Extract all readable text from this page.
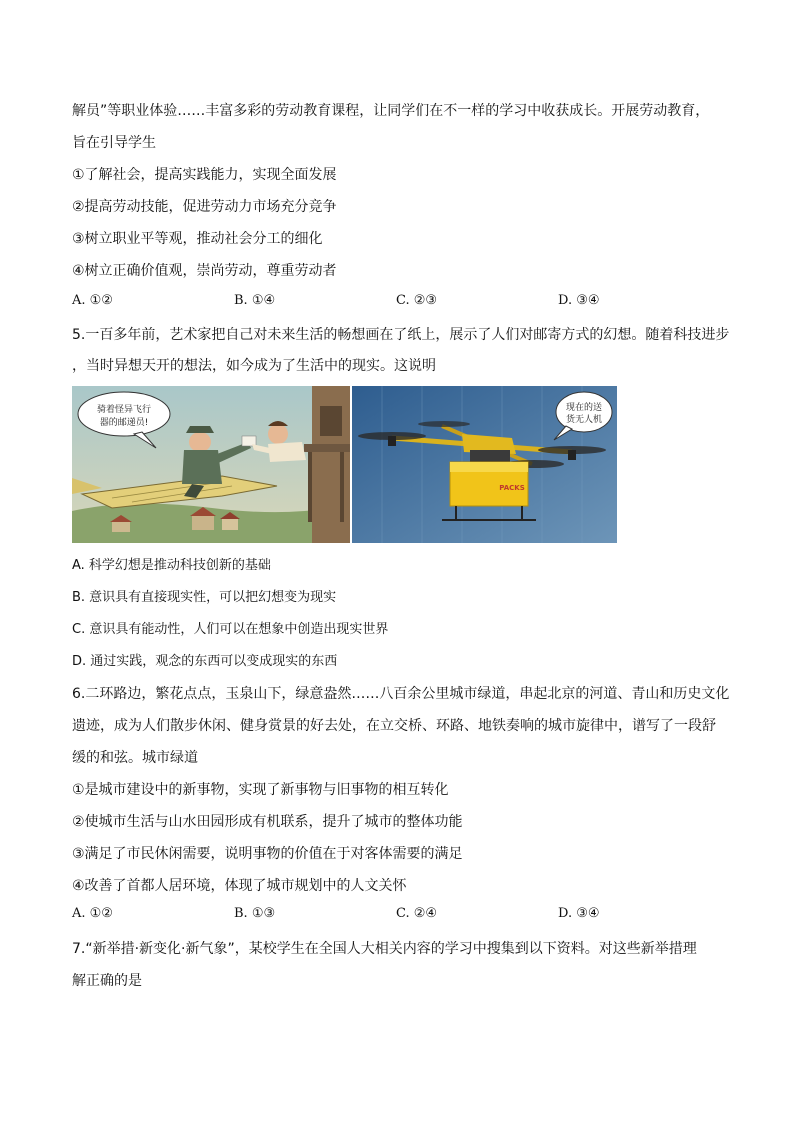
解员”等职业体验……丰富多彩的劳动教育课程，让同学们在不一样的学习中收获成长。开展劳动教育，
旨在引导学生
①了解社会，提高实践能力，实现全面发展
②提高劳动技能，促进劳动力市场充分竞争
③树立职业平等观，推动社会分工的细化
④树立正确价值观，崇尚劳动，尊重劳动者
A. ①②	B. ①④	C. ②③	D. ③④
5.一百多年前，艺术家把自己对未来生活的畅想画在了纸上，展示了人们对邮寄方式的幻想。随着科技进步
，当时异想天开的想法，如今成为了生活中的现实。这说明
骑着怪异飞行
器的邮递员!
PACKS
现在的送
货无人机
A. 科学幻想是推动科技创新的基础
B. 意识具有直接现实性，可以把幻想变为现实
C. 意识具有能动性，人们可以在想象中创造出现实世界
D. 通过实践，观念的东西可以变成现实的东西
6.二环路边，繁花点点，玉泉山下，绿意盎然……八百余公里城市绿道，串起北京的河道、青山和历史文化
遗迹，成为人们散步休闲、健身赏景的好去处，在立交桥、环路、地铁奏响的城市旋律中，谱写了一段舒
缓的和弦。城市绿道
①是城市建设中的新事物，实现了新事物与旧事物的相互转化
②使城市生活与山水田园形成有机联系，提升了城市的整体功能
③满足了市民休闲需要，说明事物的价值在于对客体需要的满足
④改善了首都人居环境，体现了城市规划中的人文关怀
A. ①②	B. ①③	C. ②④	D. ③④
7.“新举措·新变化·新气象”，某校学生在全国人大相关内容的学习中搜集到以下资料。对这些新举措理
解正确的是
